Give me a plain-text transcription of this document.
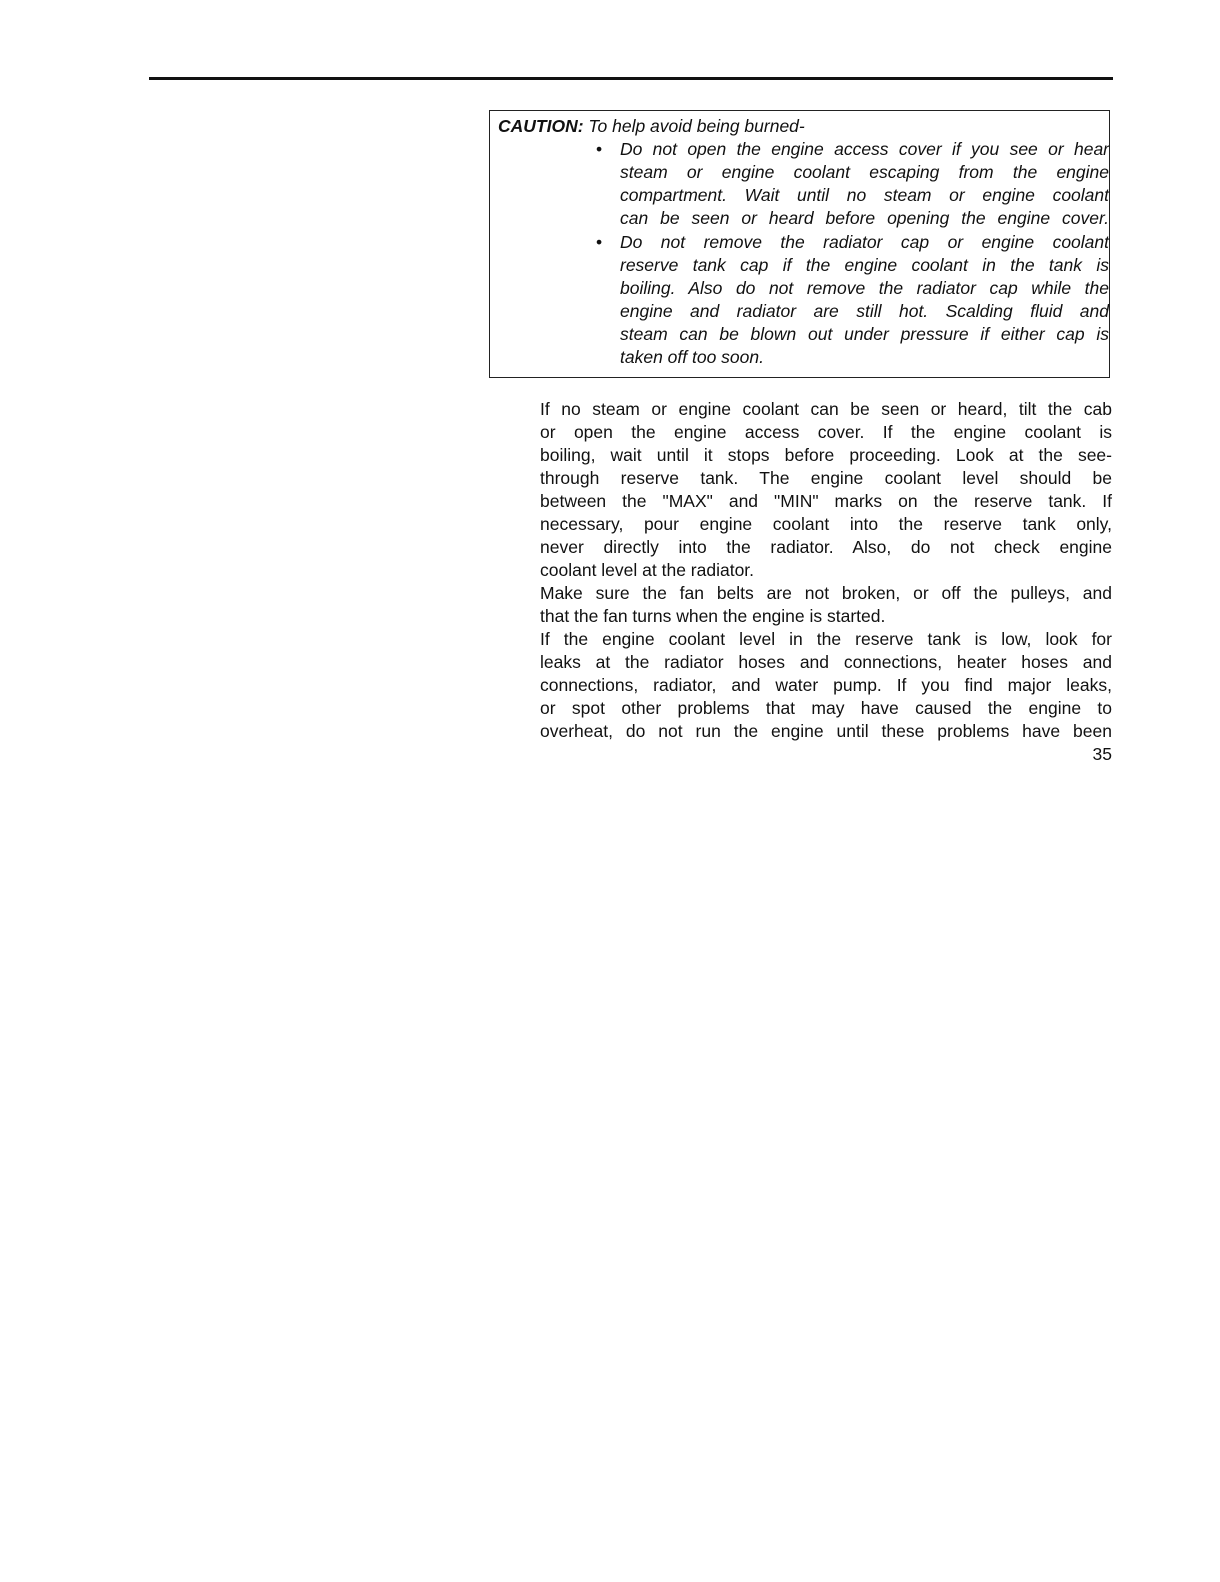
CAUTION: To help avoid being burned-
• Do not open the engine access cover if you see or hear
steam or engine coolant escaping from the engine
compartment. Wait until no steam or engine coolant
can be seen or heard before opening the engine cover.
• Do not remove the radiator cap or engine coolant
reserve tank cap if the engine coolant in the tank is
boiling. Also do not remove the radiator cap while the
engine and radiator are still hot. Scalding fluid and
steam can be blown out under pressure if either cap is
taken off too soon.
If no steam or engine coolant can be seen or heard, tilt the cab
or open the engine access cover. If the engine coolant is
boiling, wait until it stops before proceeding. Look at the see-
through reserve tank. The engine coolant level should be
between the "MAX" and "MIN" marks on the reserve tank. If
necessary, pour engine coolant into the reserve tank only,
never directly into the radiator. Also, do not check engine
coolant level at the radiator.
Make sure the fan belts are not broken, or off the pulleys, and
that the fan turns when the engine is started.
If the engine coolant level in the reserve tank is low, look for
leaks at the radiator hoses and connections, heater hoses and
connections, radiator, and water pump. If you find major leaks,
or spot other problems that may have caused the engine to
overheat, do not run the engine until these problems have been
35
